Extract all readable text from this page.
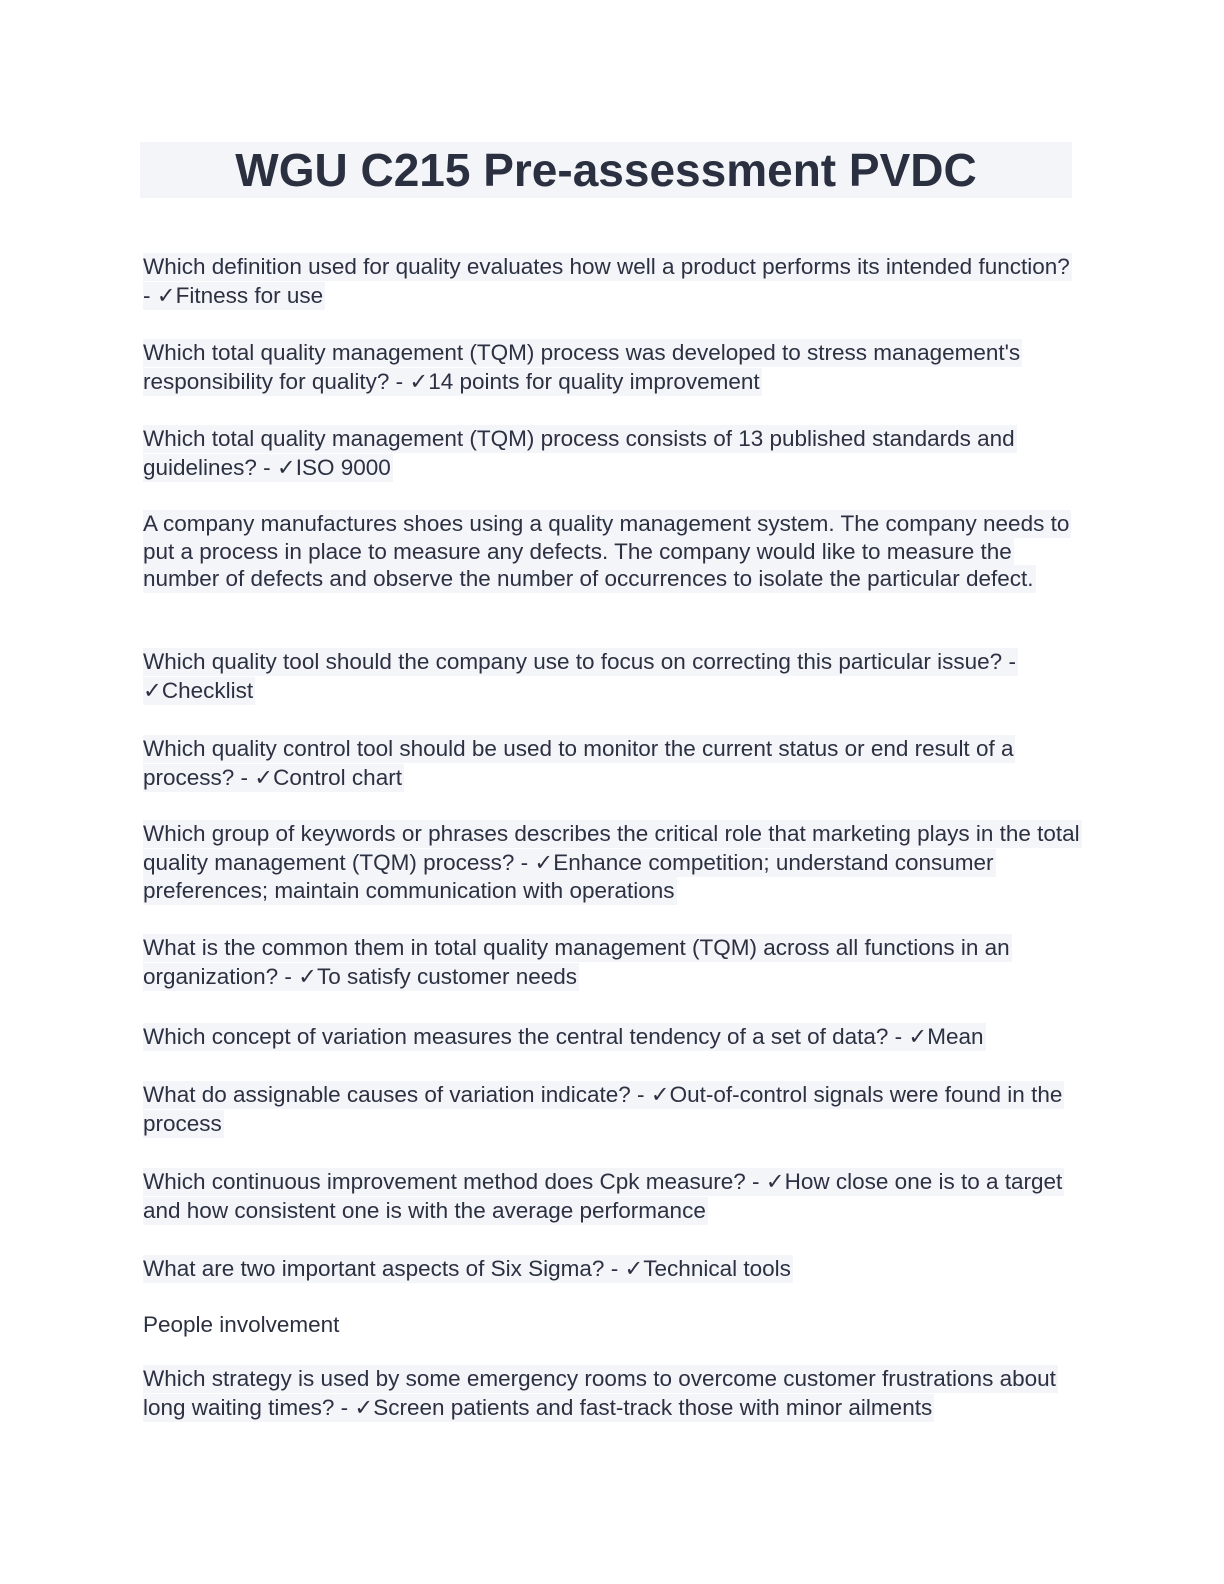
WGU C215 Pre-assessment PVDC

Which definition used for quality evaluates how well a product performs its intended function? - ✓Fitness for use

Which total quality management (TQM) process was developed to stress management's responsibility for quality? - ✓14 points for quality improvement

Which total quality management (TQM) process consists of 13 published standards and guidelines? - ✓ISO 9000

A company manufactures shoes using a quality management system. The company needs to put a process in place to measure any defects. The company would like to measure the number of defects and observe the number of occurrences to isolate the particular defect.

Which quality tool should the company use to focus on correcting this particular issue? - ✓Checklist

Which quality control tool should be used to monitor the current status or end result of a process? - ✓Control chart

Which group of keywords or phrases describes the critical role that marketing plays in the total quality management (TQM) process? - ✓Enhance competition; understand consumer preferences; maintain communication with operations

What is the common them in total quality management (TQM) across all functions in an organization? - ✓To satisfy customer needs

Which concept of variation measures the central tendency of a set of data? - ✓Mean

What do assignable causes of variation indicate? - ✓Out-of-control signals were found in the process

Which continuous improvement method does Cpk measure? - ✓How close one is to a target and how consistent one is with the average performance

What are two important aspects of Six Sigma? - ✓Technical tools

People involvement

Which strategy is used by some emergency rooms to overcome customer frustrations about long waiting times? - ✓Screen patients and fast-track those with minor ailments
